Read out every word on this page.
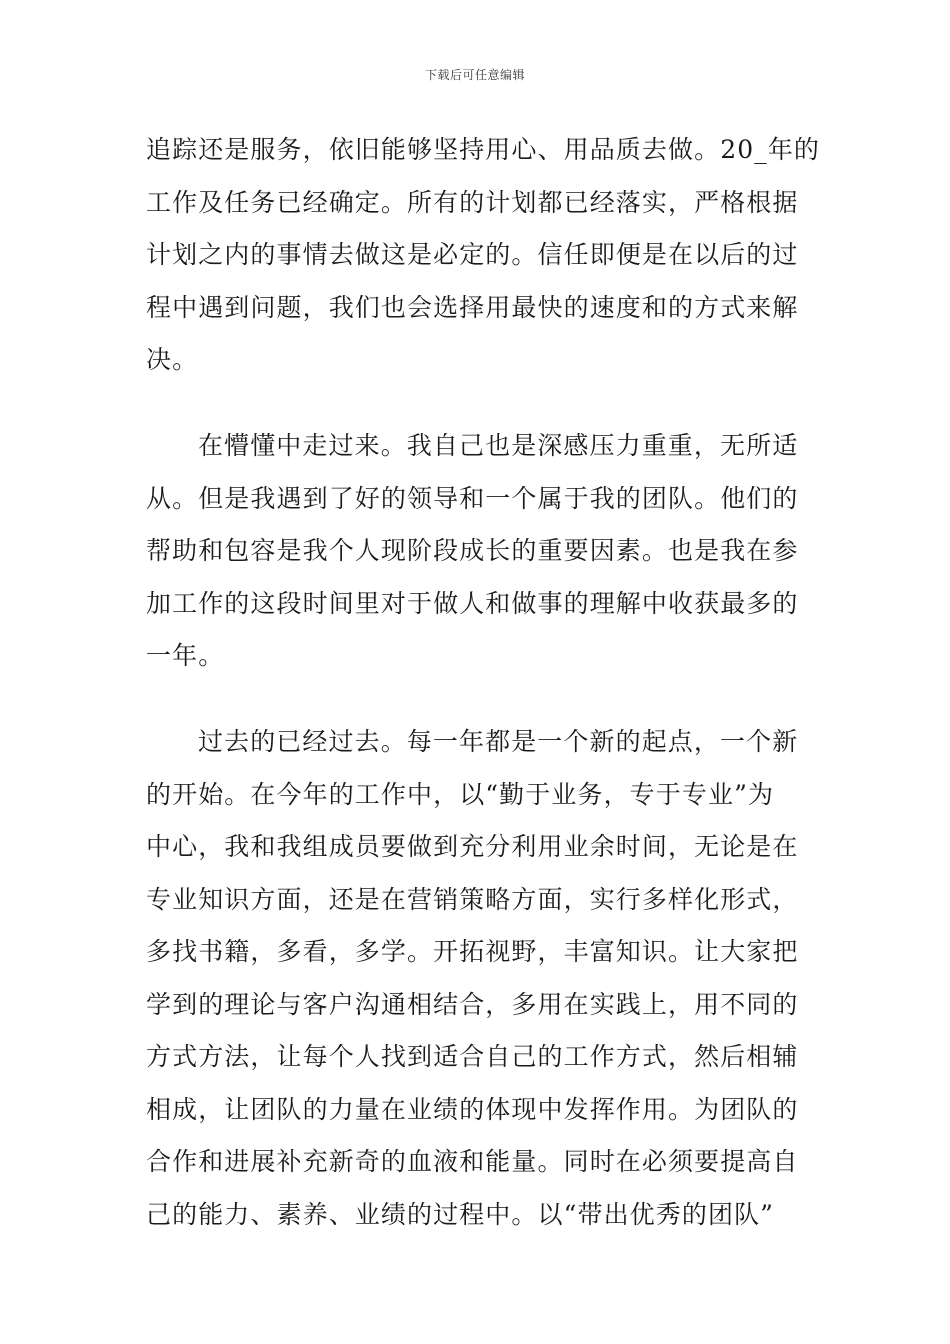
下载后可任意编辑
追踪还是服务，依旧能够坚持用心、用品质去做。20_年的
工作及任务已经确定。所有的计划都已经落实，严格根据
计划之内的事情去做这是必定的。信任即便是在以后的过
程中遇到问题，我们也会选择用最快的速度和的方式来解
决。
在懵懂中走过来。我自己也是深感压力重重，无所适
从。但是我遇到了好的领导和一个属于我的团队。他们的
帮助和包容是我个人现阶段成长的重要因素。也是我在参
加工作的这段时间里对于做人和做事的理解中收获最多的
一年。
过去的已经过去。每一年都是一个新的起点，一个新
的开始。在今年的工作中，以“勤于业务，专于专业”为
中心，我和我组成员要做到充分利用业余时间，无论是在
专业知识方面，还是在营销策略方面，实行多样化形式，
多找书籍，多看，多学。开拓视野，丰富知识。让大家把
学到的理论与客户沟通相结合，多用在实践上，用不同的
方式方法，让每个人找到适合自己的工作方式，然后相辅
相成，让团队的力量在业绩的体现中发挥作用。为团队的
合作和进展补充新奇的血液和能量。同时在必须要提高自
己的能力、素养、业绩的过程中。以“带出优秀的团队”
